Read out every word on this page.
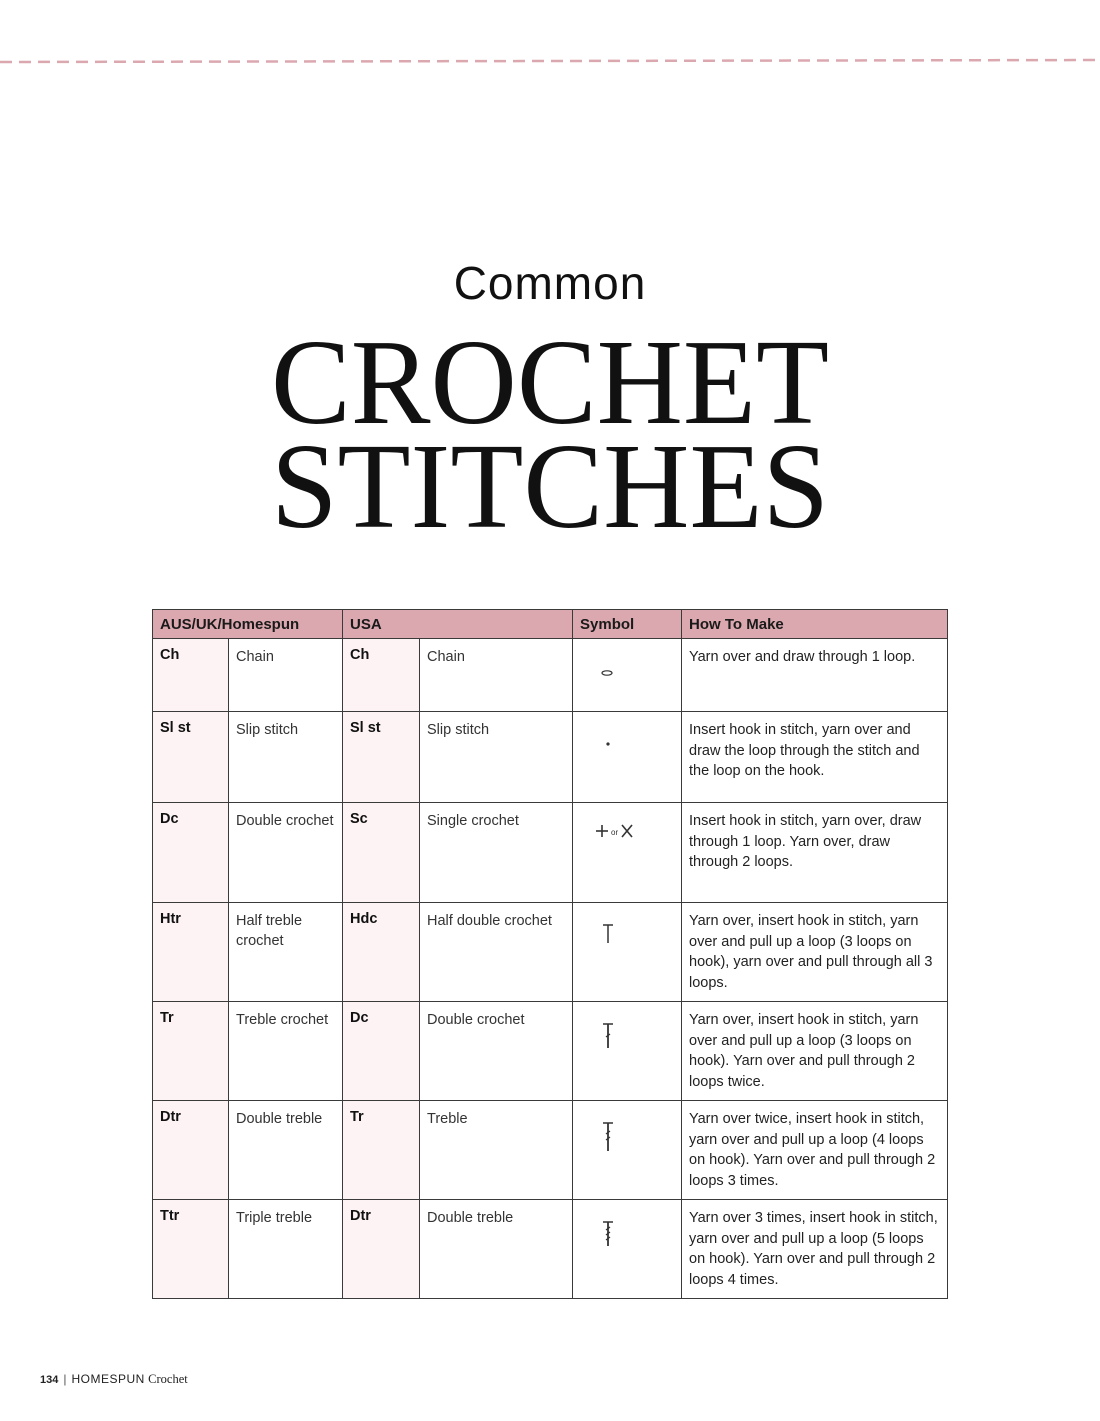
Common
CROCHET
STITCHES
AUS/UK/Homespun		USA		Symbol	How To Make
Ch	Chain	Ch	Chain		Yarn over and draw through 1 loop.
Sl st	Slip stitch	Sl st	Slip stitch		Insert hook in stitch, yarn over and draw the loop through the stitch and the loop on the hook.
Dc	Double crochet	Sc	Single crochet	or	Insert hook in stitch, yarn over, draw through 1 loop. Yarn over, draw through 2 loops.
Htr	Half treble crochet	Hdc	Half double crochet		Yarn over, insert hook in stitch, yarn over and pull up a loop (3 loops on hook), yarn over and pull through all 3 loops.
Tr	Treble crochet	Dc	Double crochet		Yarn over, insert hook in stitch, yarn over and pull up a loop (3 loops on hook). Yarn over and pull through 2 loops twice.
Dtr	Double treble	Tr	Treble		Yarn over twice, insert hook in stitch, yarn over and pull up a loop (4 loops on hook). Yarn over and pull through 2 loops 3 times.
Ttr	Triple treble	Dtr	Double treble		Yarn over 3 times, insert hook in stitch, yarn over and pull up a loop (5 loops on hook). Yarn over and pull through 2 loops 4 times.
134 | HOMESPUN Crochet
